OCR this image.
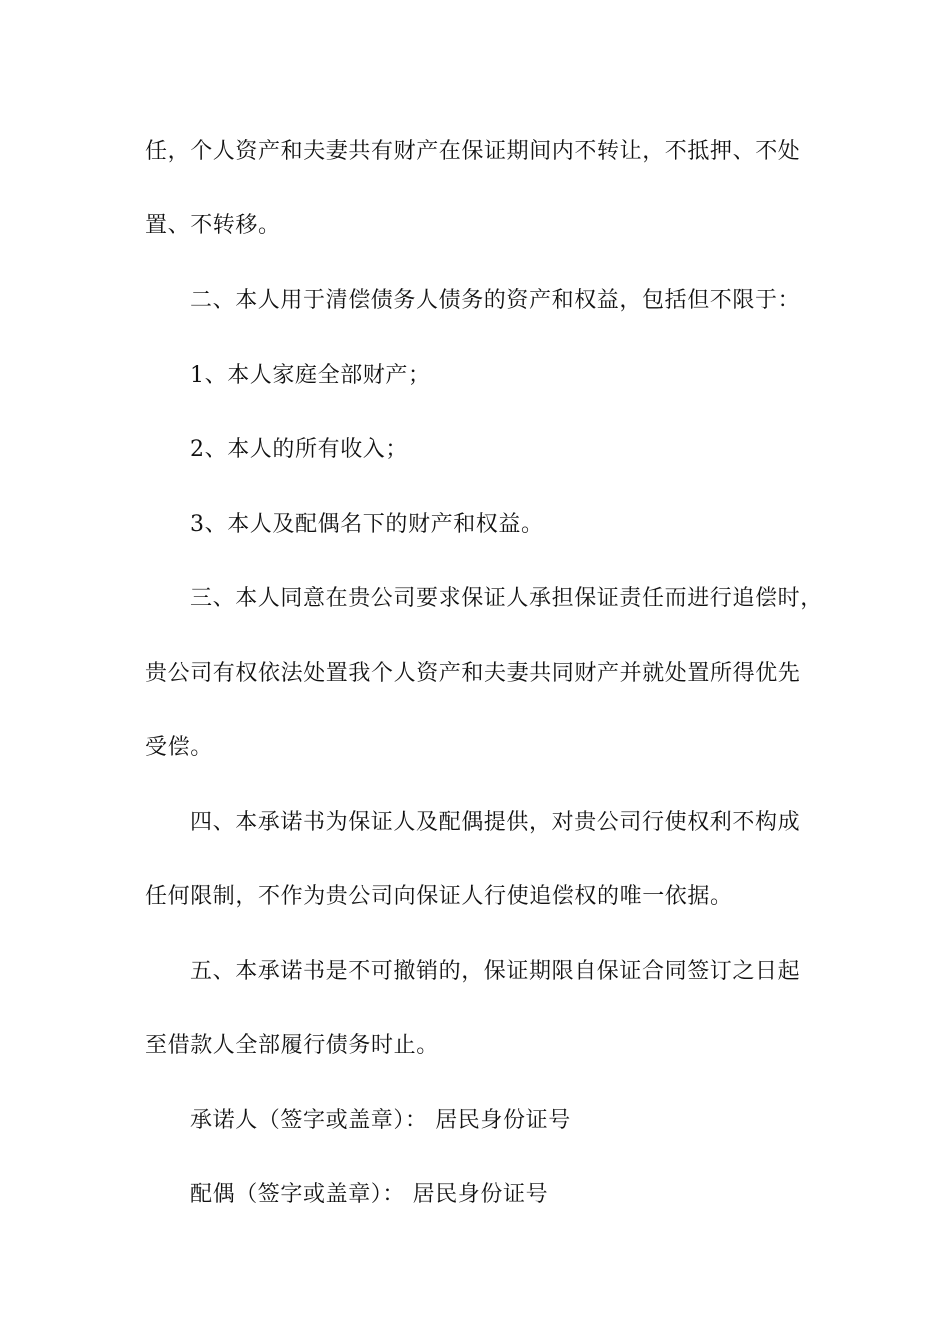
任，个人资产和夫妻共有财产在保证期间内不转让，不抵押、不处
置、不转移。
二、本人用于清偿债务人债务的资产和权益，包括但不限于：
1、本人家庭全部财产；
2、本人的所有收入；
3、本人及配偶名下的财产和权益。
三、本人同意在贵公司要求保证人承担保证责任而进行追偿时，
贵公司有权依法处置我个人资产和夫妻共同财产并就处置所得优先
受偿。
四、本承诺书为保证人及配偶提供，对贵公司行使权利不构成
任何限制，不作为贵公司向保证人行使追偿权的唯一依据。
五、本承诺书是不可撤销的，保证期限自保证合同签订之日起
至借款人全部履行债务时止。
承诺人（签字或盖章）： 居民身份证号
配偶（签字或盖章）： 居民身份证号
